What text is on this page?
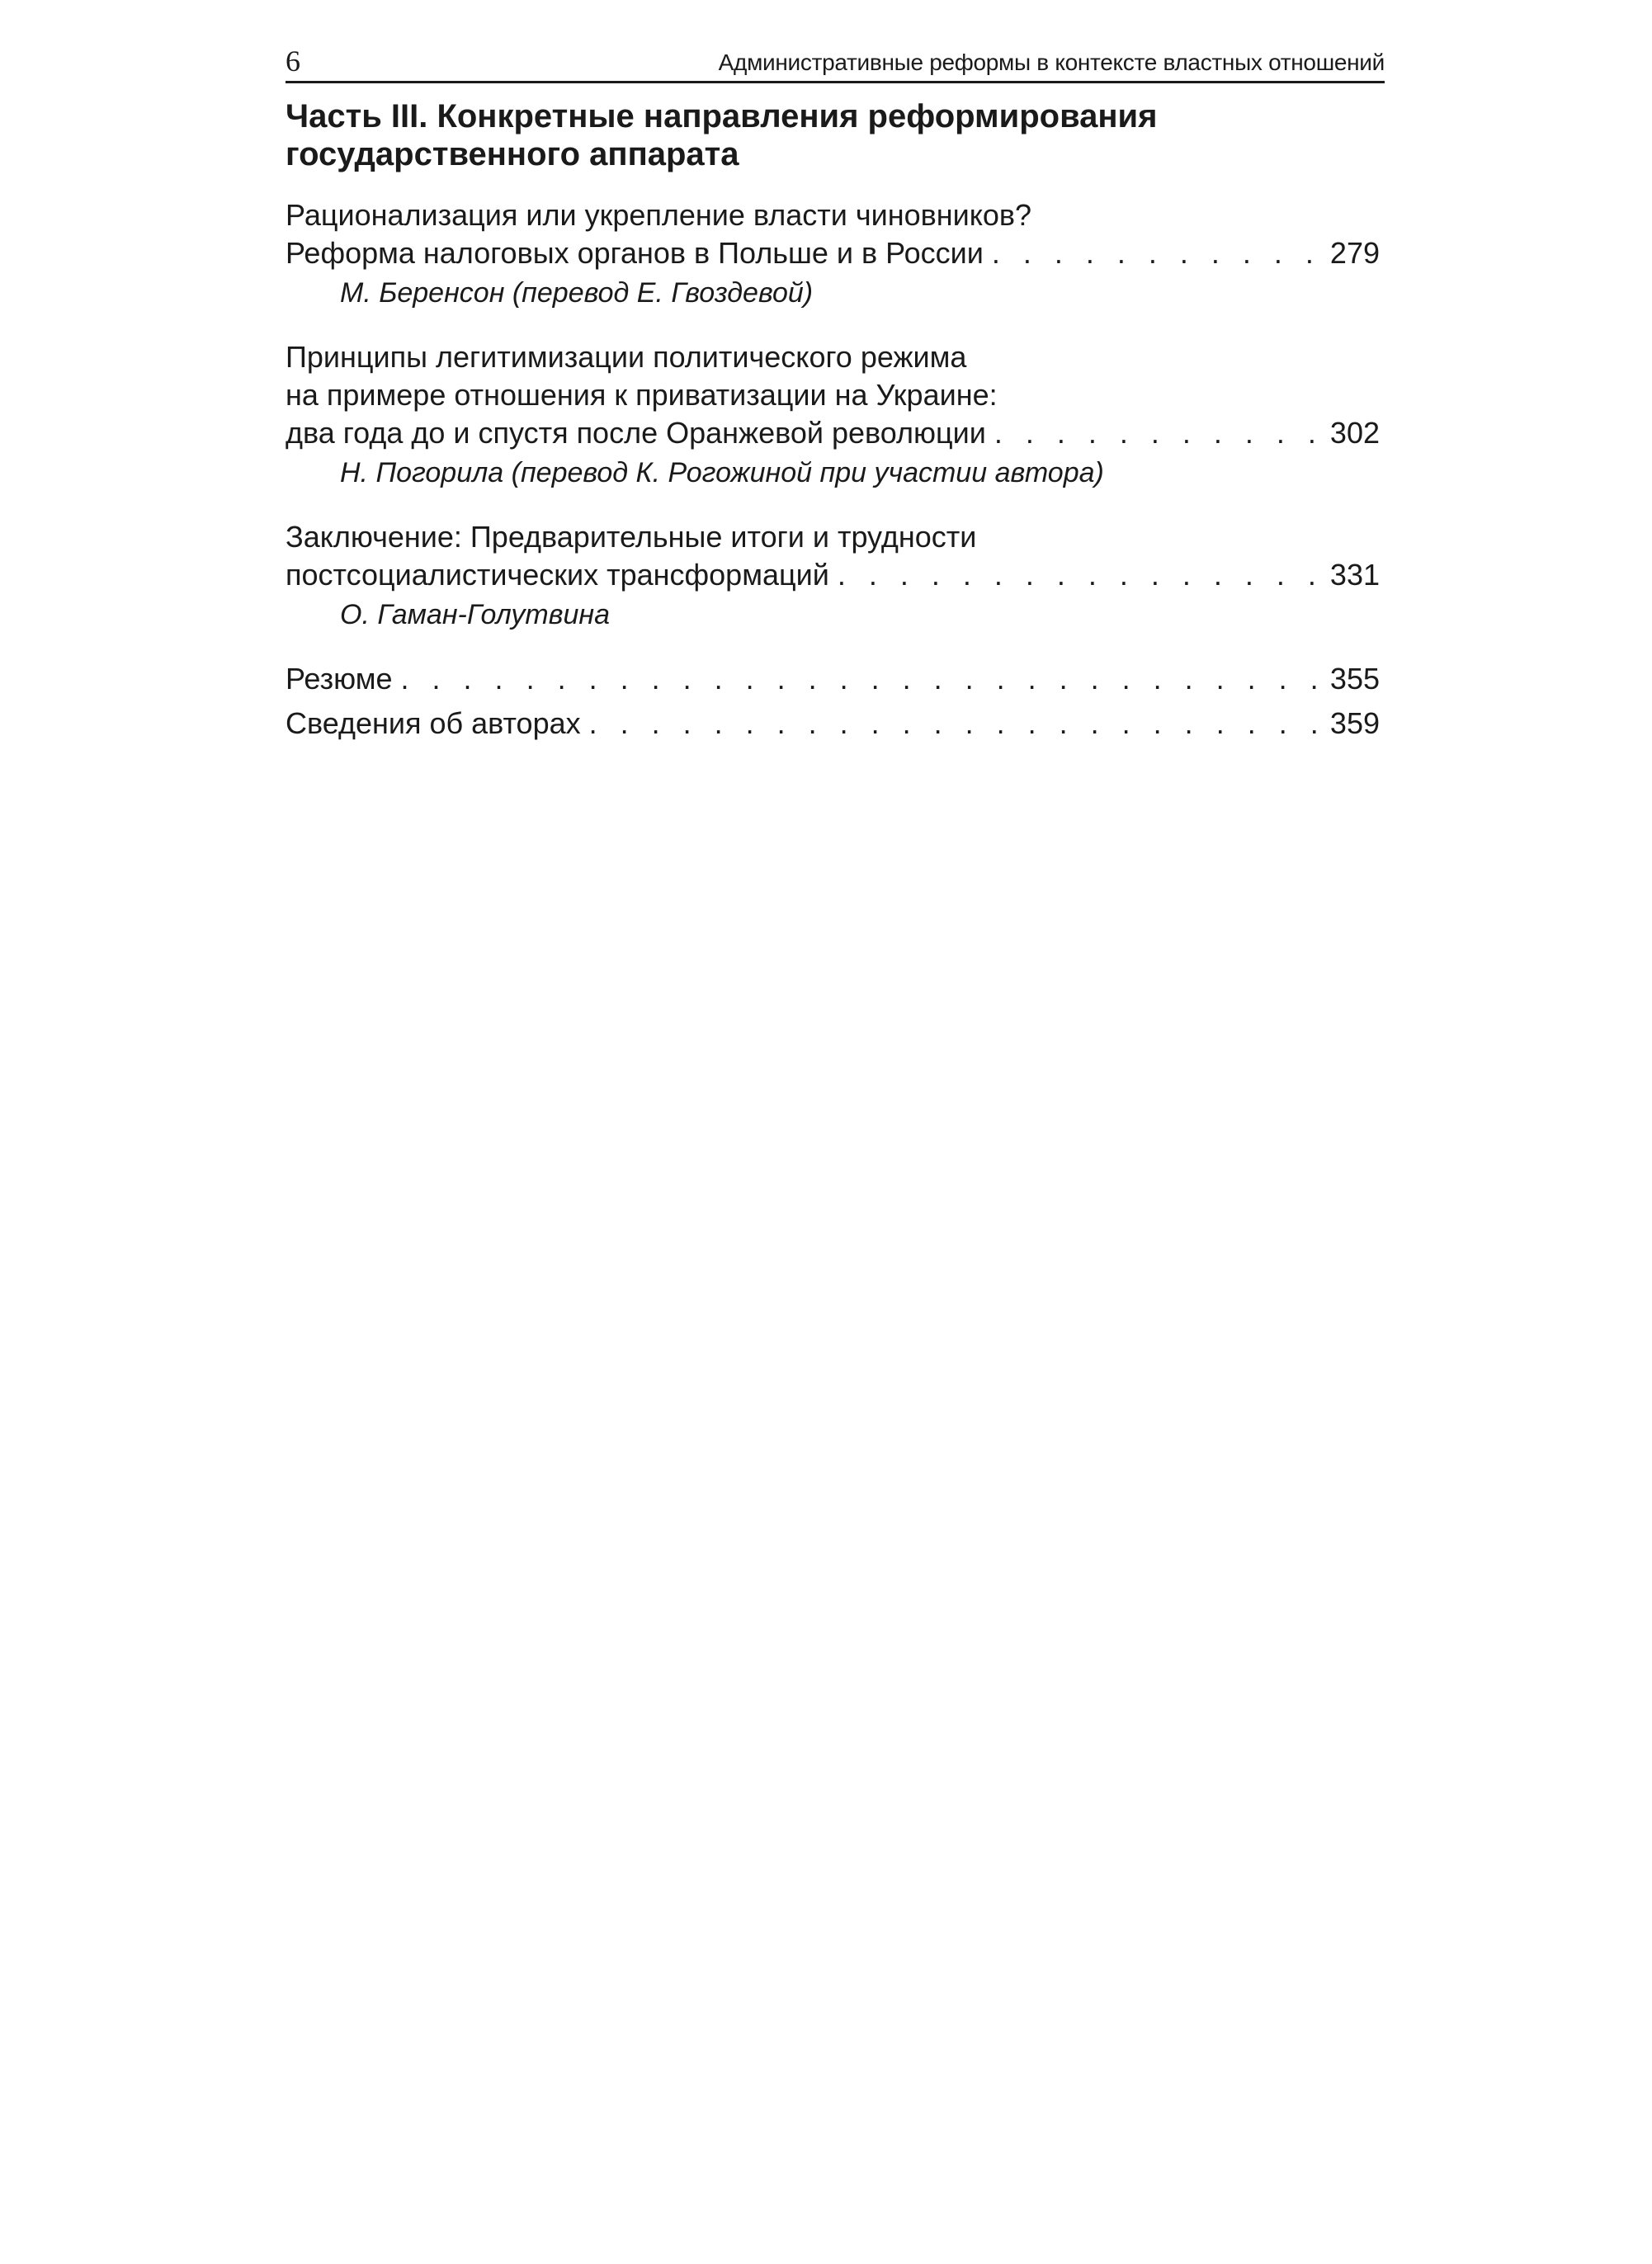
6	Административные реформы в контексте властных отношений
Часть III. Конкретные направления реформирования
государственного аппарата
Рационализация или укрепление власти чиновников?
Реформа налоговых органов в Польше и в России . . .	279
М. Беренсон (перевод Е. Гвоздевой)
Принципы легитимизации политического режима
на примере отношения к приватизации на Украине:
два года до и спустя после Оранжевой революции . . .	302
Н. Погорила (перевод К. Рогожиной при участии автора)
Заключение: Предварительные итоги и трудности
постсоциалистических трансформаций . . .	331
О. Гаман-Голутвина
Резюме . . .	355
Сведения об авторах . . .	359
